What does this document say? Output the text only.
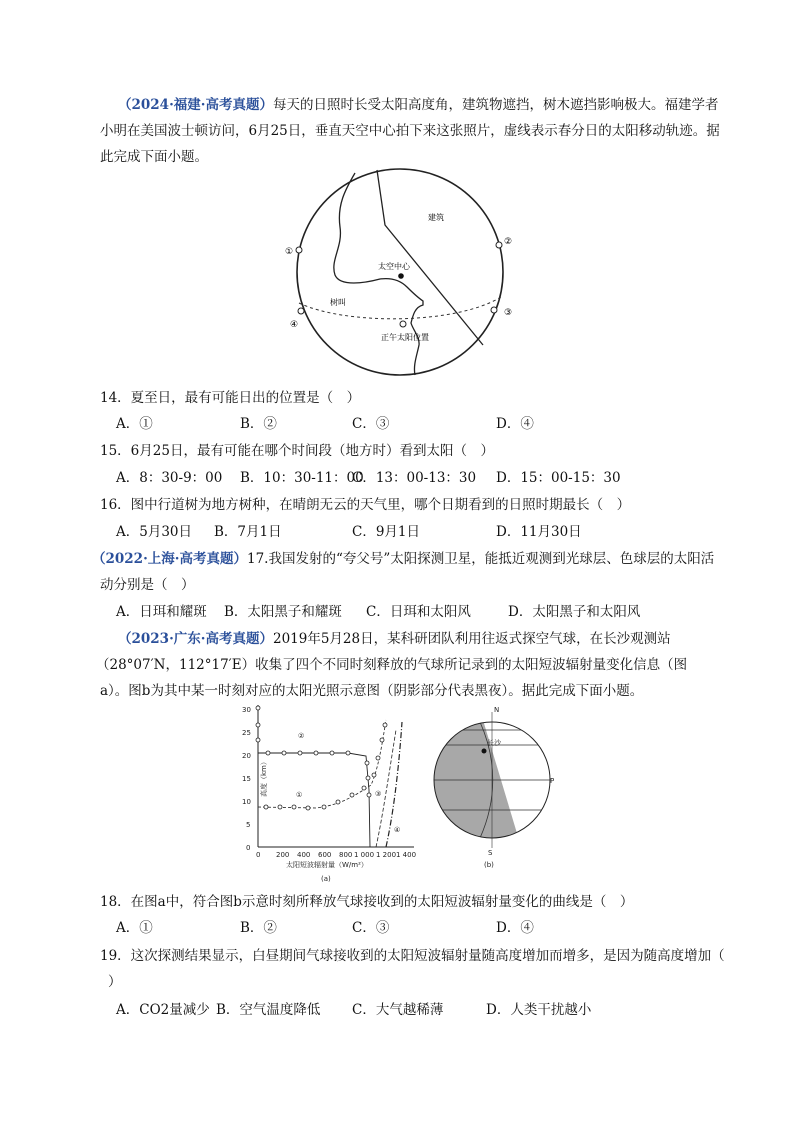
（2024·福建·高考真题）每天的日照时长受太阳高度角，建筑物遮挡，树木遮挡影响极大。福建学者
小明在美国波士顿访问，6月25日，垂直天空中心拍下来这张照片，虚线表示春分日的太阳移动轨迹。据
此完成下面小题。
建筑
太空中心
树叫
正午太阳位置
①
②
③
④
14．夏至日，最有可能日出的位置是（　）
A．①	B．②	C．③	D．④
15．6月25日，最有可能在哪个时间段（地方时）看到太阳（　）
A．8：30-9：00 B．10：30-11：00
C．13：00-13：30 D．15：00-15：30
16．图中行道树为地方树种，在晴朗无云的天气里，哪个日期看到的日照时期最长（　）
A．5月30日 B．7月1日	C．9月1日	D．11月30日
（2022·上海·高考真题）17.我国发射的“夸父号”太阳探测卫星，能抵近观测到光球层、色球层的太阳活
动分别是（　）
A．日珥和耀斑 B．太阳黑子和耀斑 C．日珥和太阳风	D．太阳黑子和太阳风
（2023·广东·高考真题）2019年5月28日，某科研团队利用往返式探空气球，在长沙观测站
（28°07′N，112°17′E）收集了四个不同时刻释放的气球所记录到的太阳短波辐射量变化信息（图
a）。图b为其中某一时刻对应的太阳光照示意图（阴影部分代表黑夜）。据此完成下面小题。
高度（km）
0
5
10
15
20
25
30
0 200 400 600 800 1 000 1 200 1 400
太阳短波辐射量（W/m²）
(a)
②
①	③
④
N
S
P
长沙
(b)
18．在图a中，符合图b示意时刻所释放气球接收到的太阳短波辐射量变化的曲线是（　）
A．①	B．②	C．③	D．④
19．这次探测结果显示，白昼期间气球接收到的太阳短波辐射量随高度增加而增多，是因为随高度增加（
）
A．CO2量减少 B．空气温度降低 C．大气越稀薄	D．人类干扰越小
